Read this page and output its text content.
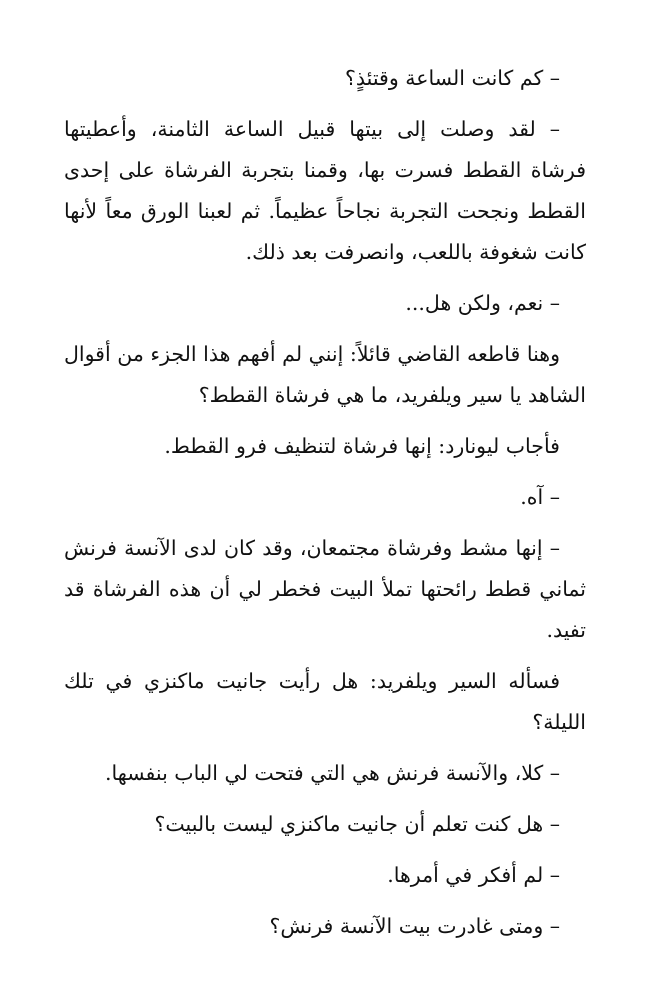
– كم كانت الساعة وقتئذٍ؟

– لقد وصلت إلى بيتها قبيل الساعة الثامنة، وأعطيتها فرشاة القطط فسرت بها، وقمنا بتجربة الفرشاة على إحدى القطط ونجحت التجربة نجاحاً عظيماً. ثم لعبنا الورق معاً لأنها كانت شغوفة باللعب، وانصرفت بعد ذلك.

– نعم، ولكن هل...

وهنا قاطعه القاضي قائلاً: إنني لم أفهم هذا الجزء من أقوال الشاهد يا سير ويلفريد، ما هي فرشاة القطط؟

فأجاب ليونارد: إنها فرشاة لتنظيف فرو القطط.

– آه.

– إنها مشط وفرشاة مجتمعان، وقد كان لدى الآنسة فرنش ثماني قطط رائحتها تملأ البيت فخطر لي أن هذه الفرشاة قد تفيد.

فسأله السير ويلفريد: هل رأيت جانيت ماكنزي في تلك الليلة؟

– كلا، والآنسة فرنش هي التي فتحت لي الباب بنفسها.

– هل كنت تعلم أن جانيت ماكنزي ليست بالبيت؟

– لم أفكر في أمرها.

– ومتى غادرت بيت الآنسة فرنش؟
